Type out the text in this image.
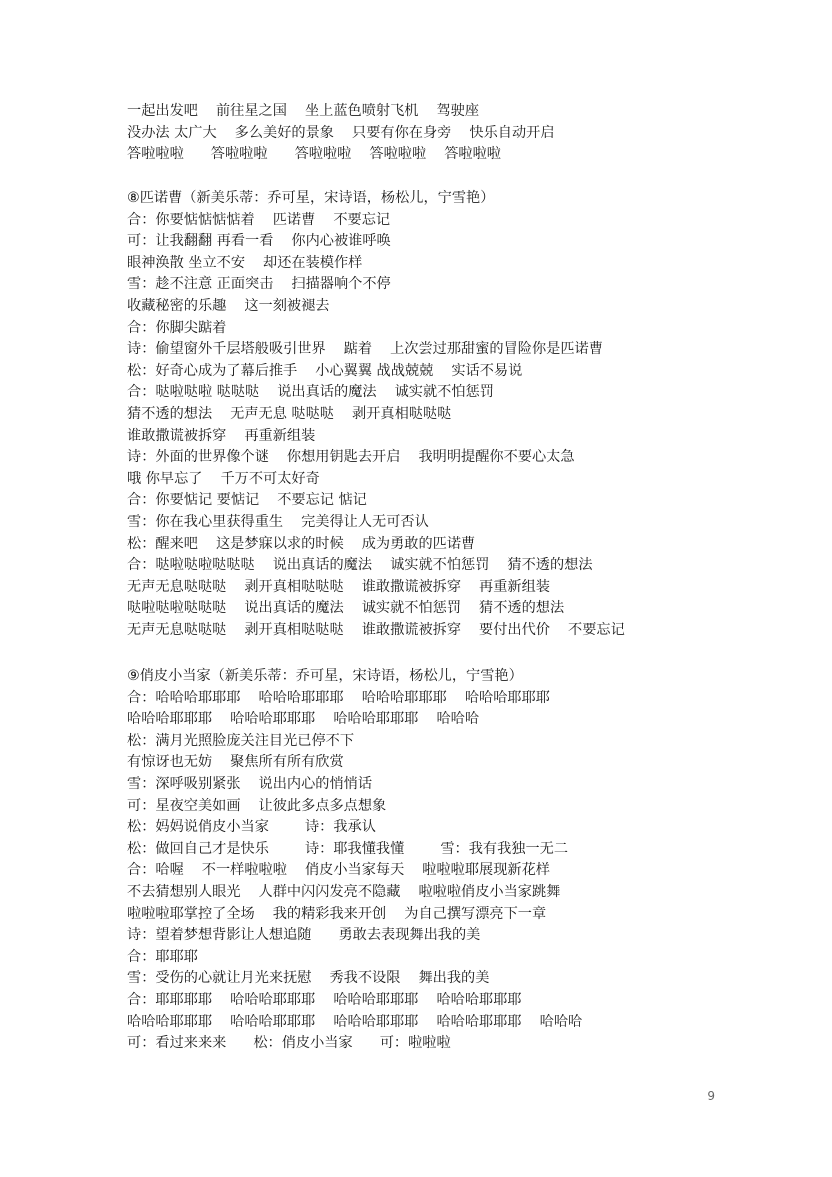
一起出发吧    前往星之国    坐上蓝色喷射飞机    驾驶座
没办法 太广大    多么美好的景象    只要有你在身旁    快乐自动开启
答啦啦啦      答啦啦啦      答啦啦啦    答啦啦啦    答啦啦啦
⑧匹诺曹（新美乐蒂：乔可星，宋诗语，杨松儿，宁雪艳）
合：你要惦惦惦惦着    匹诺曹    不要忘记
可：让我翻翻 再看一看    你内心被谁呼唤
眼神涣散 坐立不安    却还在装模作样
雪：趁不注意 正面突击    扫描器响个不停
收藏秘密的乐趣    这一刻被褪去
合：你脚尖踮着
诗：偷望窗外千层塔般吸引世界    踮着    上次尝过那甜蜜的冒险你是匹诺曹
松：好奇心成为了幕后推手    小心翼翼 战战兢兢    实话不易说
合：哒啦哒啦 哒哒哒    说出真话的魔法    诚实就不怕惩罚
猜不透的想法    无声无息 哒哒哒    剥开真相哒哒哒
谁敢撒谎被拆穿    再重新组装
诗：外面的世界像个谜    你想用钥匙去开启    我明明提醒你不要心太急
哦 你早忘了    千万不可太好奇
合：你要惦记 要惦记    不要忘记 惦记
雪：你在我心里获得重生    完美得让人无可否认
松：醒来吧    这是梦寐以求的时候    成为勇敢的匹诺曹
合：哒啦哒啦哒哒哒    说出真话的魔法    诚实就不怕惩罚    猜不透的想法
无声无息哒哒哒    剥开真相哒哒哒    谁敢撒谎被拆穿    再重新组装
哒啦哒啦哒哒哒    说出真话的魔法    诚实就不怕惩罚    猜不透的想法
无声无息哒哒哒    剥开真相哒哒哒    谁敢撒谎被拆穿    要付出代价    不要忘记
⑨俏皮小当家（新美乐蒂：乔可星，宋诗语，杨松儿，宁雪艳）
合：哈哈哈耶耶耶    哈哈哈耶耶耶    哈哈哈耶耶耶    哈哈哈耶耶耶
哈哈哈耶耶耶    哈哈哈耶耶耶    哈哈哈耶耶耶    哈哈哈
松：满月光照脸庞关注目光已停不下
有惊讶也无妨    聚焦所有所有欣赏
雪：深呼吸别紧张    说出内心的悄悄话
可：星夜空美如画    让彼此多点多点想象
松：妈妈说俏皮小当家        诗：我承认
松：做回自己才是快乐        诗：耶我懂我懂        雪：我有我独一无二
合：哈喔    不一样啦啦啦    俏皮小当家每天    啦啦啦耶展现新花样
不去猜想别人眼光    人群中闪闪发亮不隐藏    啦啦啦俏皮小当家跳舞
啦啦啦耶掌控了全场    我的精彩我来开创    为自己撰写漂亮下一章
诗：望着梦想背影让人想追随      勇敢去表现舞出我的美
合：耶耶耶
雪：受伤的心就让月光来抚慰    秀我不设限    舞出我的美
合：耶耶耶耶    哈哈哈耶耶耶    哈哈哈耶耶耶    哈哈哈耶耶耶
哈哈哈耶耶耶    哈哈哈耶耶耶    哈哈哈耶耶耶    哈哈哈耶耶耶    哈哈哈
可：看过来来来      松：俏皮小当家      可：啦啦啦
9
